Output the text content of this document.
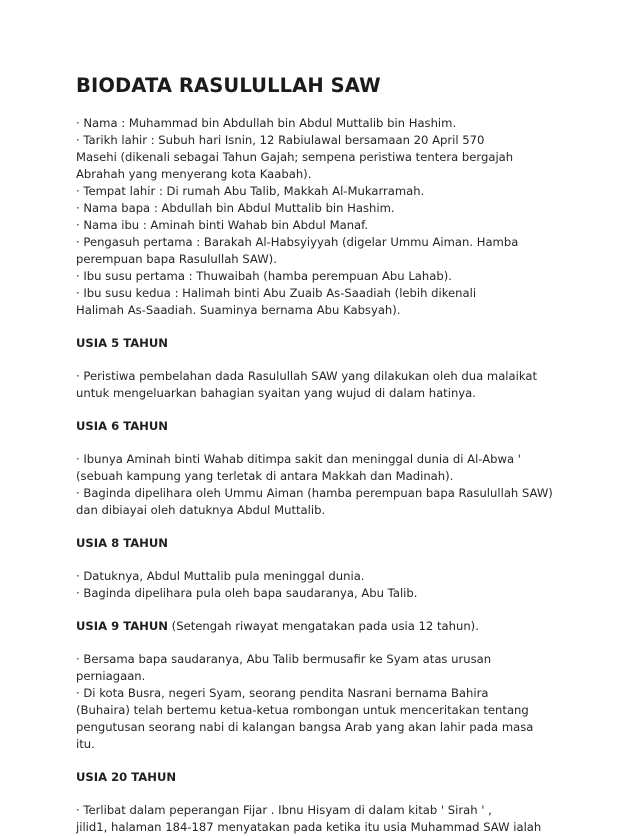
BIODATA RASULULLAH SAW
· Nama : Muhammad bin Abdullah bin Abdul Muttalib bin Hashim.
· Tarikh lahir : Subuh hari Isnin, 12 Rabiulawal bersamaan 20 April 570
Masehi (dikenali sebagai Tahun Gajah; sempena peristiwa tentera bergajah
Abrahah yang menyerang kota Kaabah).
· Tempat lahir : Di rumah Abu Talib, Makkah Al-Mukarramah.
· Nama bapa : Abdullah bin Abdul Muttalib bin Hashim.
· Nama ibu : Aminah binti Wahab bin Abdul Manaf.
· Pengasuh pertama : Barakah Al-Habsyiyyah (digelar Ummu Aiman. Hamba
perempuan bapa Rasulullah SAW).
· Ibu susu pertama : Thuwaibah (hamba perempuan Abu Lahab).
· Ibu susu kedua : Halimah binti Abu Zuaib As-Saadiah (lebih dikenali
Halimah As-Saadiah. Suaminya bernama Abu Kabsyah).
USIA 5 TAHUN
· Peristiwa pembelahan dada Rasulullah SAW yang dilakukan oleh dua malaikat
untuk mengeluarkan bahagian syaitan yang wujud di dalam hatinya.
USIA 6 TAHUN
· Ibunya Aminah binti Wahab ditimpa sakit dan meninggal dunia di Al-Abwa '
(sebuah kampung yang terletak di antara Makkah dan Madinah).
· Baginda dipelihara oleh Ummu Aiman (hamba perempuan bapa Rasulullah SAW)
dan dibiayai oleh datuknya Abdul Muttalib.
USIA 8 TAHUN
· Datuknya, Abdul Muttalib pula meninggal dunia.
· Baginda dipelihara pula oleh bapa saudaranya, Abu Talib.
USIA 9 TAHUN (Setengah riwayat mengatakan pada usia 12 tahun).
· Bersama bapa saudaranya, Abu Talib bermusafir ke Syam atas urusan
perniagaan.
· Di kota Busra, negeri Syam, seorang pendita Nasrani bernama Bahira
(Buhaira) telah bertemu ketua-ketua rombongan untuk menceritakan tentang
pengutusan seorang nabi di kalangan bangsa Arab yang akan lahir pada masa
itu.
USIA 20 TAHUN
· Terlibat dalam peperangan Fijar . Ibnu Hisyam di dalam kitab ' Sirah ' ,
jilid1, halaman 184-187 menyatakan pada ketika itu usia Muhammad SAW ialah
